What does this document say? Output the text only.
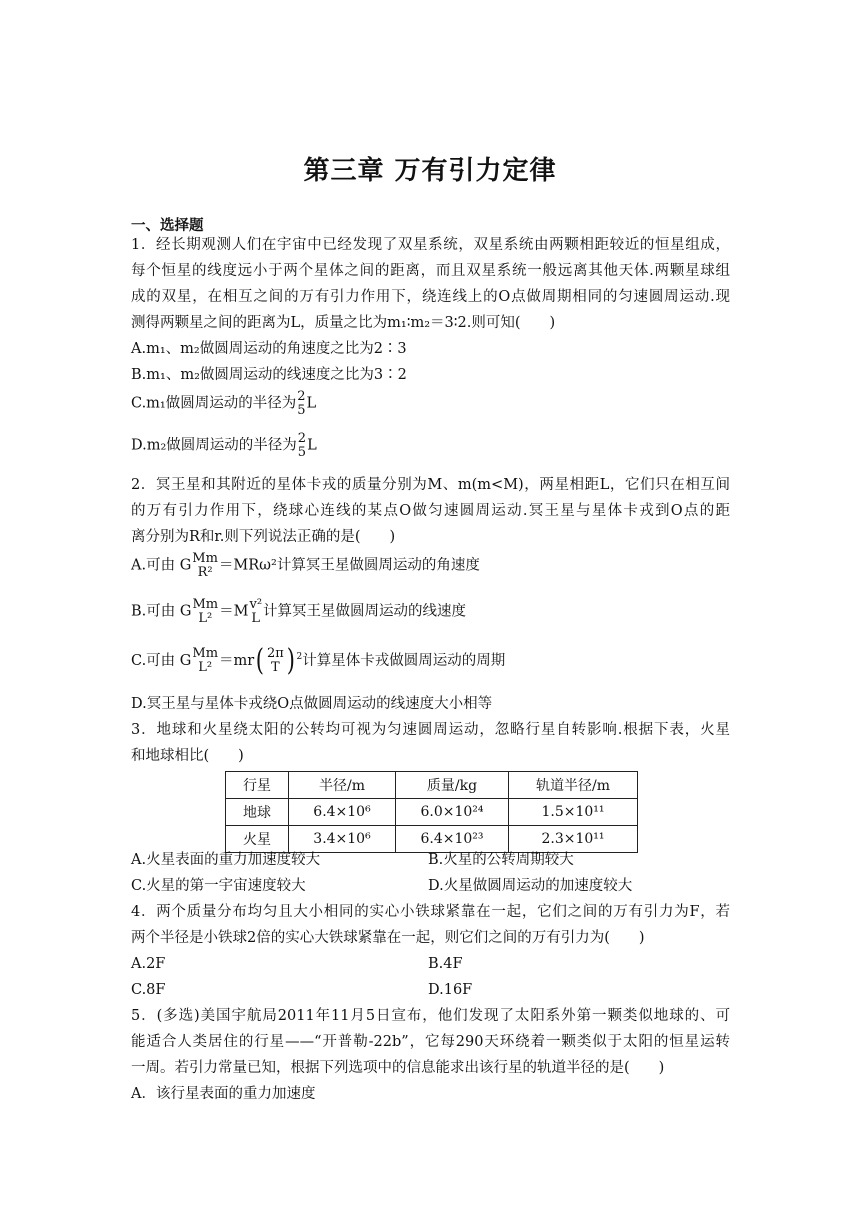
第三章 万有引力定律
一、选择题
1．经长期观测人们在宇宙中已经发现了双星系统，双星系统由两颗相距较近的恒星组成，
每个恒星的线度远小于两个星体之间的距离，而且双星系统一般远离其他天体.两颗星球组
成的双星，在相互之间的万有引力作用下，绕连线上的O点做周期相同的匀速圆周运动.现
测得两颗星之间的距离为L，质量之比为m₁∶m₂＝3∶2.则可知(　　)
A.m₁、m₂做圆周运动的角速度之比为2∶3
B.m₁、m₂做圆周运动的线速度之比为3∶2
C.m₁做圆周运动的半径为 2
5 L
D.m₂做圆周运动的半径为 2
5 L
2．冥王星和其附近的星体卡戎的质量分别为M、m(m<M)，两星相距L，它们只在相互间
的万有引力作用下，绕球心连线的某点O做匀速圆周运动.冥王星与星体卡戎到O点的距
离分别为R和r.则下列说法正确的是(　　)
A.可由 G Mm
R² ＝MRω²计算冥王星做圆周运动的角速度
B.可由 G Mm
L² ＝M v²
L 计算冥王星做圆周运动的线速度
C.可由 G Mm
L² ＝mr( 2π
T ) $^2$计算星体卡戎做圆周运动的周期
D.冥王星与星体卡戎绕O点做圆周运动的线速度大小相等
3．地球和火星绕太阳的公转均可视为匀速圆周运动，忽略行星自转影响.根据下表，火星
和地球相比(　　)
行星	半径/m	质量/kg	轨道半径/m
地球	6.4×10⁶	6.0×10²⁴	1.5×10¹¹
火星	3.4×10⁶	6.4×10²³	2.3×10¹¹
A.火星表面的重力加速度较大	B.火星的公转周期较大
C.火星的第一宇宙速度较大	D.火星做圆周运动的加速度较大
4．两个质量分布均匀且大小相同的实心小铁球紧靠在一起，它们之间的万有引力为F，若
两个半径是小铁球2倍的实心大铁球紧靠在一起，则它们之间的万有引力为(　　)
A.2F	B.4F
C.8F	D.16F
5．(多选)美国宇航局2011年11月5日宣布，他们发现了太阳系外第一颗类似地球的、可
能适合人类居住的行星——“开普勒-22b”，它每290天环绕着一颗类似于太阳的恒星运转
一周。若引力常量已知，根据下列选项中的信息能求出该行星的轨道半径的是(　　)
A．该行星表面的重力加速度
